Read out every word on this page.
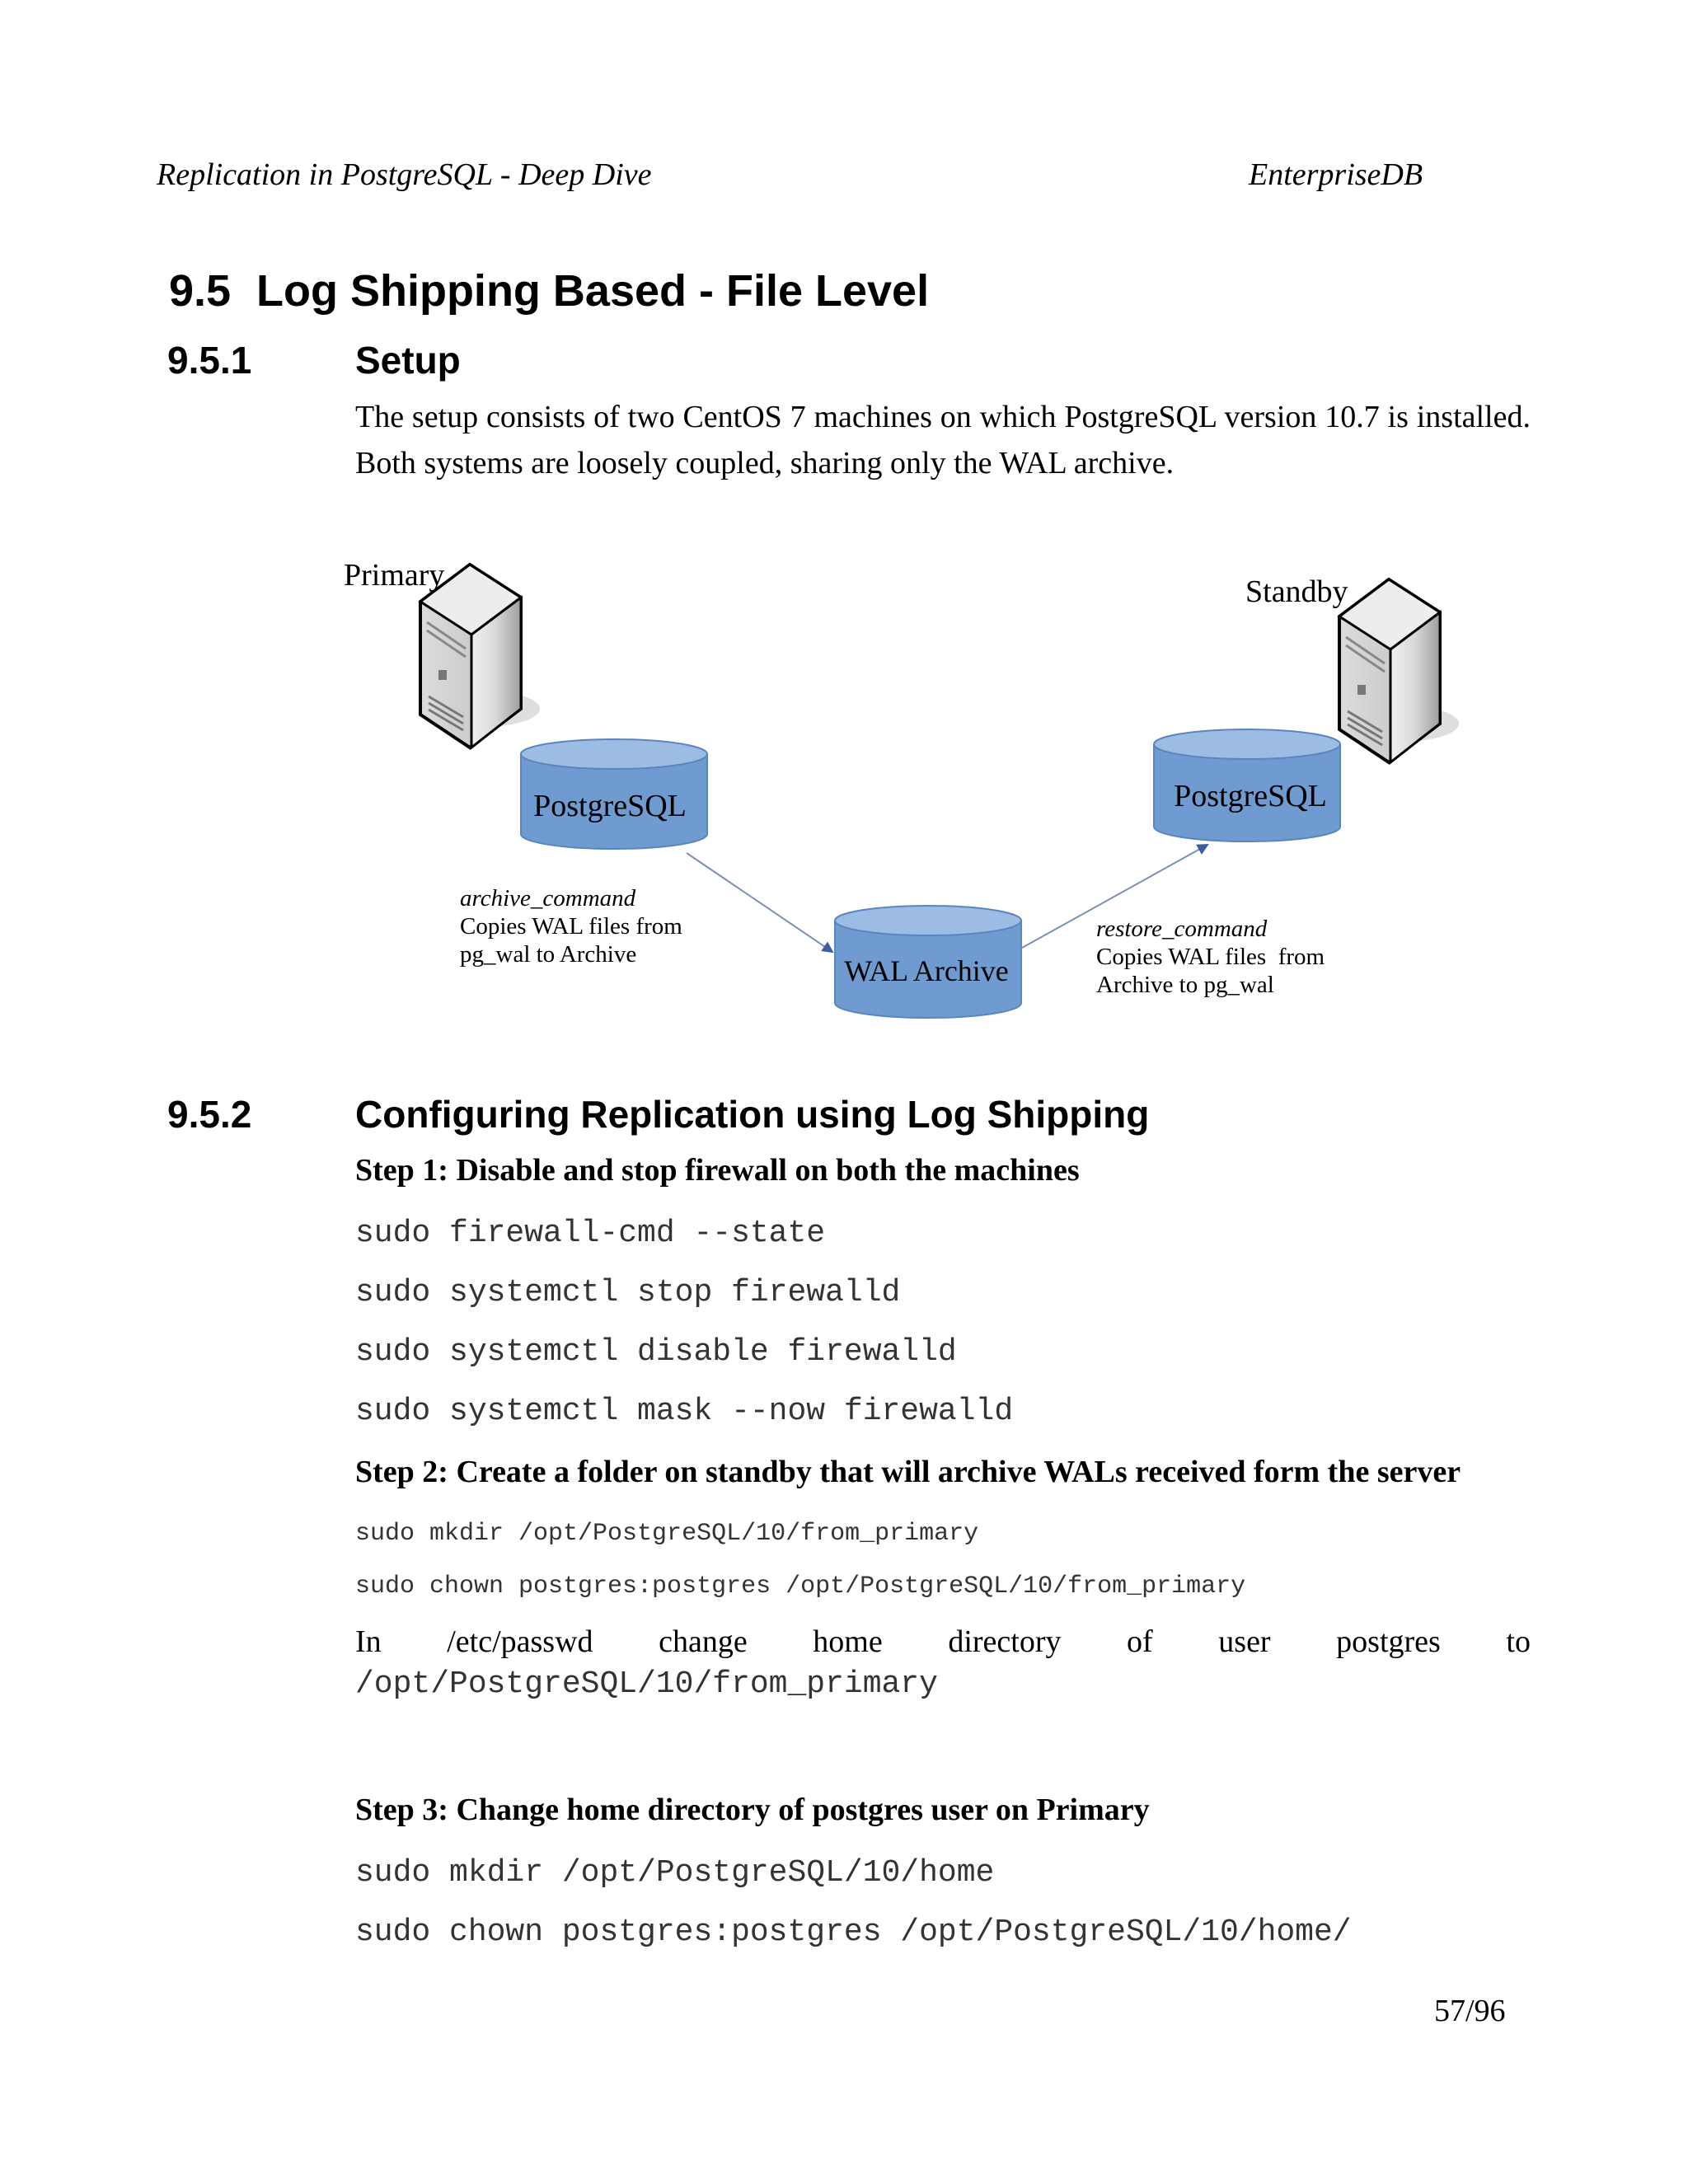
Replication in PostgreSQL - Deep Dive	EnterpriseDB
9.5 Log Shipping Based - File Level
9.5.1	Setup
The setup consists of two CentOS 7 machines on which PostgreSQL version 10.7 is installed. Both systems are loosely coupled, sharing only the WAL archive.
Primary	Standby
PostgreSQL	PostgreSQL
WAL Archive
archive_command
Copies WAL files from
pg_wal to Archive
restore_command
Copies WAL files  from
Archive to pg_wal
9.5.2	Configuring Replication using Log Shipping
Step 1: Disable and stop firewall on both the machines
sudo firewall-cmd --state
sudo systemctl stop firewalld
sudo systemctl disable firewalld
sudo systemctl mask --now firewalld
Step 2: Create a folder on standby that will archive WALs received form the server
sudo mkdir /opt/PostgreSQL/10/from_primary
sudo chown postgres:postgres /opt/PostgreSQL/10/from_primary
In /etc/passwd change home directory of user postgres to
/opt/PostgreSQL/10/from_primary
Step 3: Change home directory of postgres user on Primary
sudo mkdir /opt/PostgreSQL/10/home
sudo chown postgres:postgres /opt/PostgreSQL/10/home/
57/96
